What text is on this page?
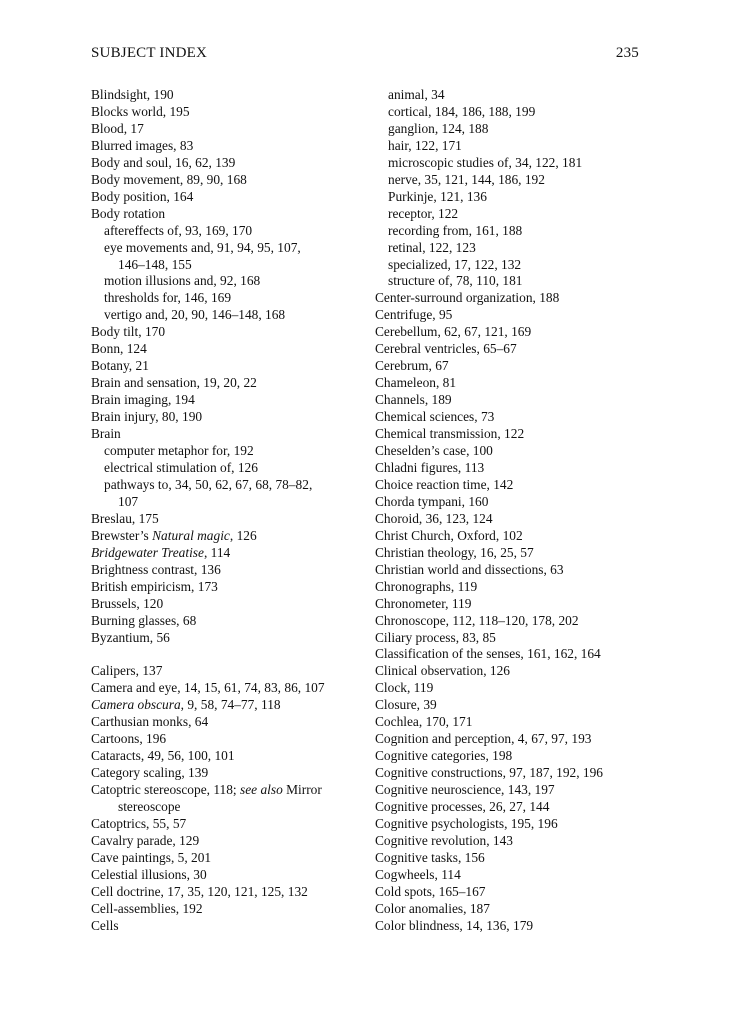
SUBJECT INDEX	235
Blindsight, 190
Blocks world, 195
Blood, 17
Blurred images, 83
Body and soul, 16, 62, 139
Body movement, 89, 90, 168
Body position, 164
Body rotation
aftereffects of, 93, 169, 170
eye movements and, 91, 94, 95, 107,
146–148, 155
motion illusions and, 92, 168
thresholds for, 146, 169
vertigo and, 20, 90, 146–148, 168
Body tilt, 170
Bonn, 124
Botany, 21
Brain and sensation, 19, 20, 22
Brain imaging, 194
Brain injury, 80, 190
Brain
computer metaphor for, 192
electrical stimulation of, 126
pathways to, 34, 50, 62, 67, 68, 78–82,
107
Breslau, 175
Brewster’s Natural magic, 126
Bridgewater Treatise, 114
Brightness contrast, 136
British empiricism, 173
Brussels, 120
Burning glasses, 68
Byzantium, 56
Calipers, 137
Camera and eye, 14, 15, 61, 74, 83, 86, 107
Camera obscura, 9, 58, 74–77, 118
Carthusian monks, 64
Cartoons, 196
Cataracts, 49, 56, 100, 101
Category scaling, 139
Catoptric stereoscope, 118; see also Mirror
stereoscope
Catoptrics, 55, 57
Cavalry parade, 129
Cave paintings, 5, 201
Celestial illusions, 30
Cell doctrine, 17, 35, 120, 121, 125, 132
Cell-assemblies, 192
Cells
animal, 34
cortical, 184, 186, 188, 199
ganglion, 124, 188
hair, 122, 171
microscopic studies of, 34, 122, 181
nerve, 35, 121, 144, 186, 192
Purkinje, 121, 136
receptor, 122
recording from, 161, 188
retinal, 122, 123
specialized, 17, 122, 132
structure of, 78, 110, 181
Center-surround organization, 188
Centrifuge, 95
Cerebellum, 62, 67, 121, 169
Cerebral ventricles, 65–67
Cerebrum, 67
Chameleon, 81
Channels, 189
Chemical sciences, 73
Chemical transmission, 122
Cheselden’s case, 100
Chladni figures, 113
Choice reaction time, 142
Chorda tympani, 160
Choroid, 36, 123, 124
Christ Church, Oxford, 102
Christian theology, 16, 25, 57
Christian world and dissections, 63
Chronographs, 119
Chronometer, 119
Chronoscope, 112, 118–120, 178, 202
Ciliary process, 83, 85
Classification of the senses, 161, 162, 164
Clinical observation, 126
Clock, 119
Closure, 39
Cochlea, 170, 171
Cognition and perception, 4, 67, 97, 193
Cognitive categories, 198
Cognitive constructions, 97, 187, 192, 196
Cognitive neuroscience, 143, 197
Cognitive processes, 26, 27, 144
Cognitive psychologists, 195, 196
Cognitive revolution, 143
Cognitive tasks, 156
Cogwheels, 114
Cold spots, 165–167
Color anomalies, 187
Color blindness, 14, 136, 179
